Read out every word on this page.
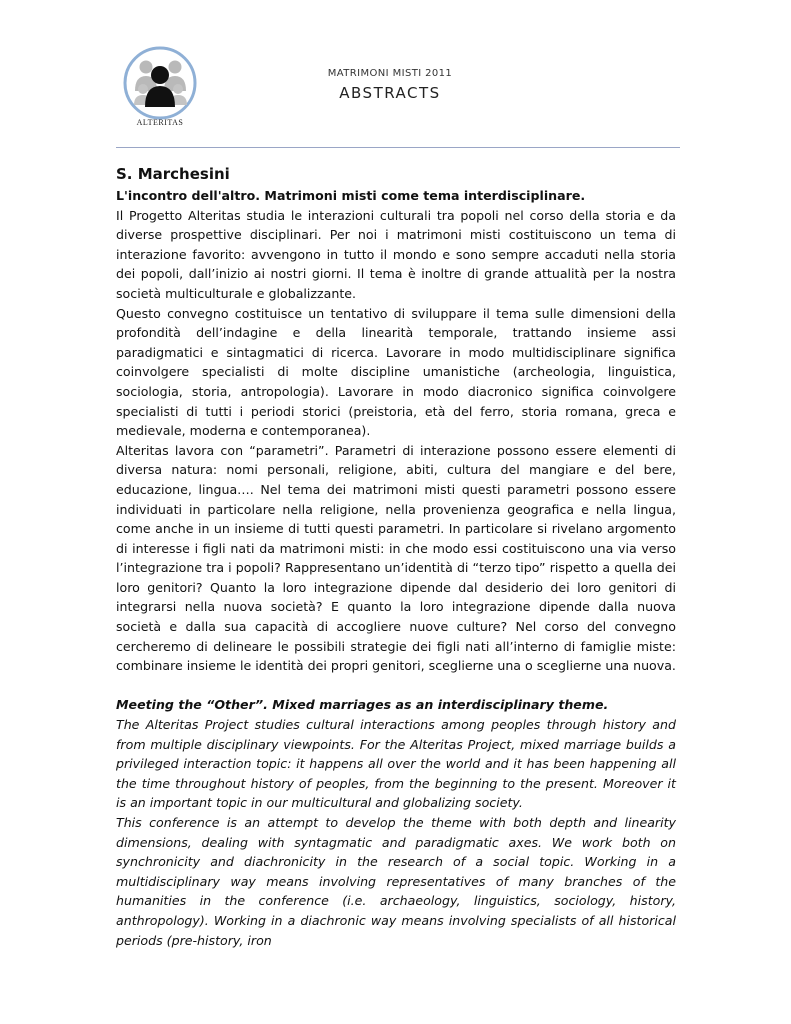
ALTERITAS
MATRIMONI MISTI 2011
ABSTRACTS

S. Marchesini

L'incontro dell'altro. Matrimoni misti come tema interdisciplinare.

Il Progetto Alteritas studia le interazioni culturali tra popoli nel corso della storia e da diverse prospettive disciplinari. Per noi i matrimoni misti costituiscono un tema di interazione favorito: avvengono in tutto il mondo e sono sempre accaduti nella storia dei popoli, dall’inizio ai nostri giorni. Il tema è inoltre di grande attualità per la nostra società multiculturale e globalizzante.

Questo convegno costituisce un tentativo di sviluppare il tema sulle dimensioni della profondità dell’indagine e della linearità temporale, trattando insieme assi paradigmatici e sintagmatici di ricerca. Lavorare in modo multidisciplinare significa coinvolgere specialisti di molte discipline umanistiche (archeologia, linguistica, sociologia, storia, antropologia). Lavorare in modo diacronico significa coinvolgere specialisti di tutti i periodi storici (preistoria, età del ferro, storia romana, greca e medievale, moderna e contemporanea).

Alteritas lavora con “parametri”. Parametri di interazione possono essere elementi di diversa natura: nomi personali, religione, abiti, cultura del mangiare e del bere, educazione, lingua…. Nel tema dei matrimoni misti questi parametri possono essere individuati in particolare nella religione, nella provenienza geografica e nella lingua, come anche in un insieme di tutti questi parametri. In particolare si rivelano argomento di interesse i figli nati da matrimoni misti: in che modo essi costituiscono una via verso l’integrazione tra i popoli? Rappresentano un’identità di “terzo tipo” rispetto a quella dei loro genitori? Quanto la loro integrazione dipende dal desiderio dei loro genitori di integrarsi nella nuova società? E quanto la loro integrazione dipende dalla nuova società e dalla sua capacità di accogliere nuove culture? Nel corso del convegno cercheremo di delineare le possibili strategie dei figli nati all’interno di famiglie miste: combinare insieme le identità dei propri genitori, sceglierne una o sceglierne una nuova.

Meeting the “Other”. Mixed marriages as an interdisciplinary theme.

The Alteritas Project studies cultural interactions among peoples through history and from multiple disciplinary viewpoints. For the Alteritas Project, mixed marriage builds a privileged interaction topic: it happens all over the world and it has been happening all the time throughout history of peoples, from the beginning to the present. Moreover it is an important topic in our multicultural and globalizing society.

This conference is an attempt to develop the theme with both depth and linearity dimensions, dealing with syntagmatic and paradigmatic axes. We work both on synchronicity and diachronicity in the research of a social topic. Working in a multidisciplinary way means involving representatives of many branches of the humanities in the conference (i.e. archaeology, linguistics, sociology, history, anthropology). Working in a diachronic way means involving specialists of all historical periods (pre-history, iron
